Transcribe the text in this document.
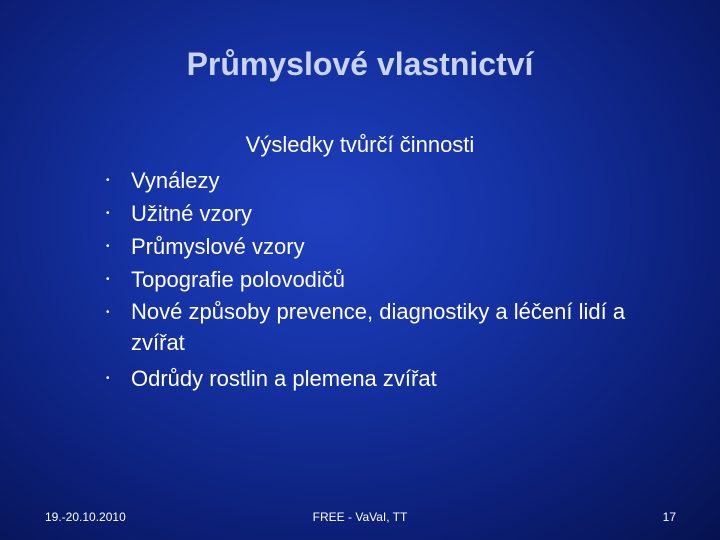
Průmyslové vlastnictví
Výsledky tvůrčí činnosti
• Vynálezy
• Užitné vzory
• Průmyslové vzory
• Topografie polovodičů
• Nové způsoby prevence, diagnostiky a léčení lidí a zvířat
• Odrůdy rostlin a plemena zvířat
19.-20.10.2010	FREE - VaVaI, TT	17
